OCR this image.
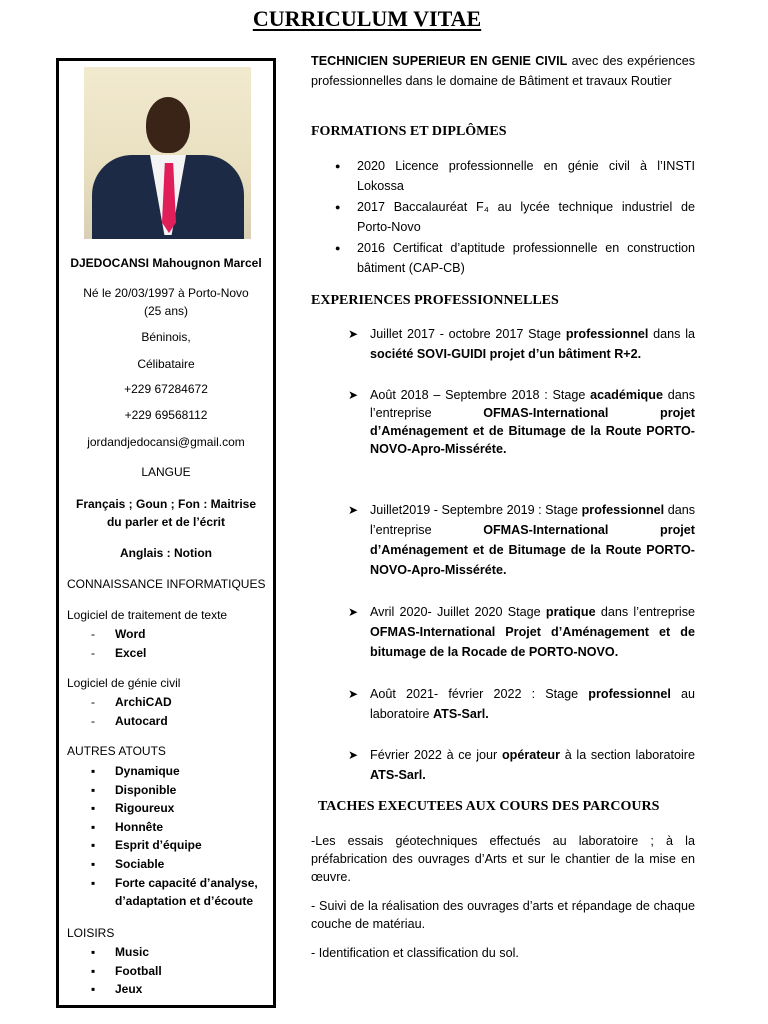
CURRICULUM VITAE
DJEDOCANSI Mahougnon Marcel
Né le 20/03/1997 à Porto-Novo
(25 ans)
Béninois,
Célibataire
+229 67284672
+229 69568112
jordandjedocansi@gmail.com
LANGUE
Français ; Goun ; Fon : Maitrise
du parler et de l’écrit
Anglais : Notion
CONNAISSANCE INFORMATIQUES
Logiciel de traitement de texte
- Word
- Excel
Logiciel de génie civil
- ArchiCAD
- Autocard
AUTRES ATOUTS
▪ Dynamique
▪ Disponible
▪ Rigoureux
▪ Honnête
▪ Esprit d’équipe
▪ Sociable
▪ Forte capacité d’analyse, d’adaptation et d’écoute
LOISIRS
▪ Music
▪ Football
▪ Jeux
TECHNICIEN SUPERIEUR EN GENIE CIVIL avec des expériences professionnelles dans le domaine de Bâtiment et travaux Routier
FORMATIONS ET DIPLÔMES
● 2020 Licence professionnelle en génie civil à l’INSTI Lokossa
● 2017 Baccalauréat F₄ au lycée technique industriel de Porto-Novo
● 2016 Certificat d’aptitude professionnelle en construction bâtiment (CAP-CB)
EXPERIENCES PROFESSIONNELLES
➤ Juillet 2017 - octobre 2017 Stage professionnel dans la société SOVI-GUIDI projet d’un bâtiment R+2.
➤ Août 2018 – Septembre 2018 : Stage académique dans l’entreprise OFMAS-International projet d’Aménagement et de Bitumage de la Route PORTO-NOVO-Apro-Misséréte.
➤ Juillet2019 - Septembre 2019 : Stage professionnel dans l’entreprise OFMAS-International projet d’Aménagement et de Bitumage de la Route PORTO-NOVO-Apro-Misséréte.
➤ Avril 2020- Juillet 2020 Stage pratique dans l’entreprise OFMAS-International Projet d’Aménagement et de bitumage de la Rocade de PORTO-NOVO.
➤ Août 2021- février 2022 : Stage professionnel au laboratoire ATS-Sarl.
➤ Février 2022 à ce jour opérateur à la section laboratoire ATS-Sarl.
TACHES EXECUTEES AUX COURS DES PARCOURS
-Les essais géotechniques effectués au laboratoire ; à la préfabrication des ouvrages d’Arts et sur le chantier de la mise en œuvre.
- Suivi de la réalisation des ouvrages d’arts et répandage de chaque couche de matériau.
- Identification et classification du sol.
